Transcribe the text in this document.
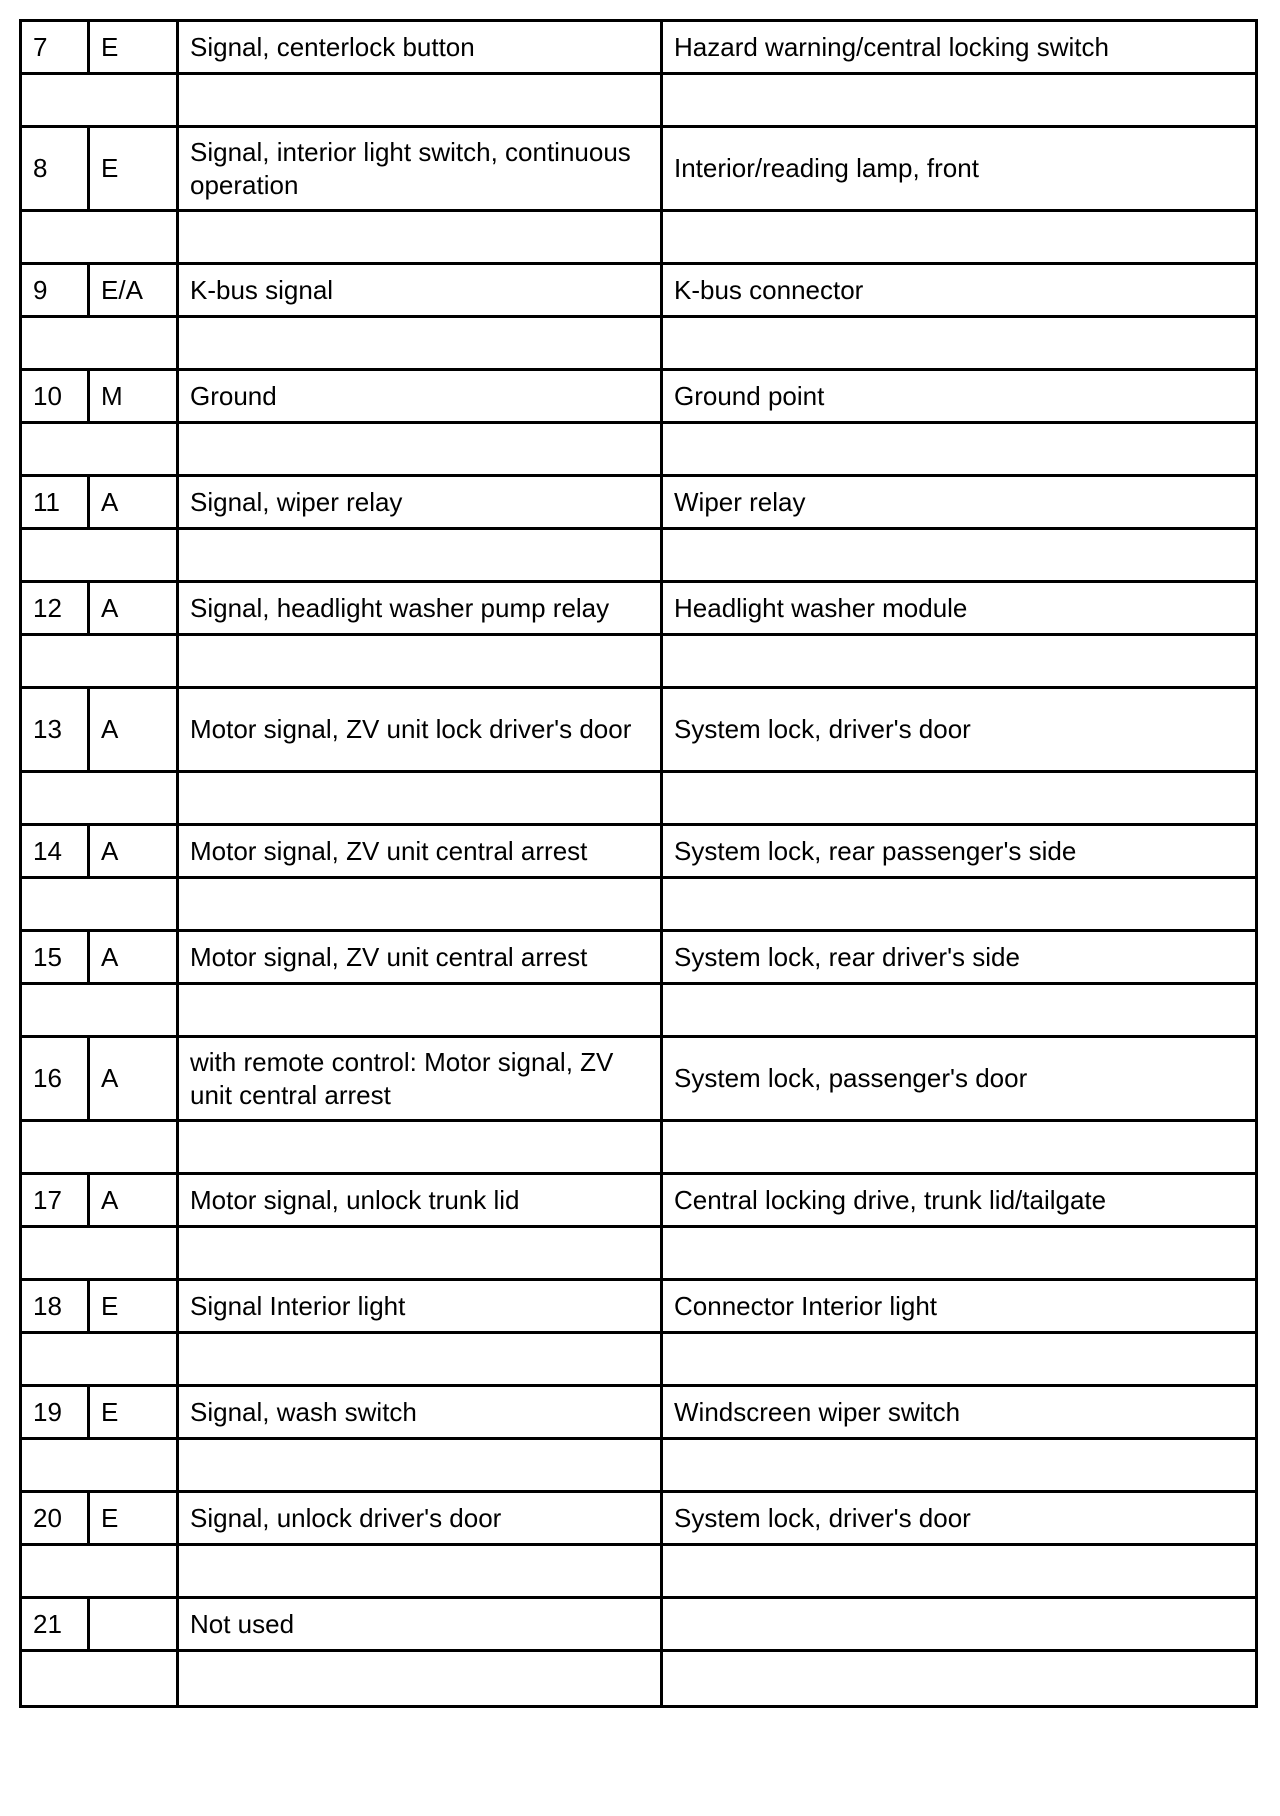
7	E	Signal, centerlock button	Hazard warning/central locking switch

8	E	Signal, interior light switch, continuous operation	Interior/reading lamp, front

9	E/A	K-bus signal	K-bus connector

10	M	Ground	Ground point

11	A	Signal, wiper relay	Wiper relay

12	A	Signal, headlight washer pump relay	Headlight washer module

13	A	Motor signal, ZV unit lock driver's door	System lock, driver's door

14	A	Motor signal, ZV unit central arrest	System lock, rear passenger's side

15	A	Motor signal, ZV unit central arrest	System lock, rear driver's side

16	A	with remote control: Motor signal, ZV unit central arrest	System lock, passenger's door

17	A	Motor signal, unlock trunk lid	Central locking drive, trunk lid/tailgate

18	E	Signal Interior light	Connector Interior light

19	E	Signal, wash switch	Windscreen wiper switch

20	E	Signal, unlock driver's door	System lock, driver's door

21		Not used	
